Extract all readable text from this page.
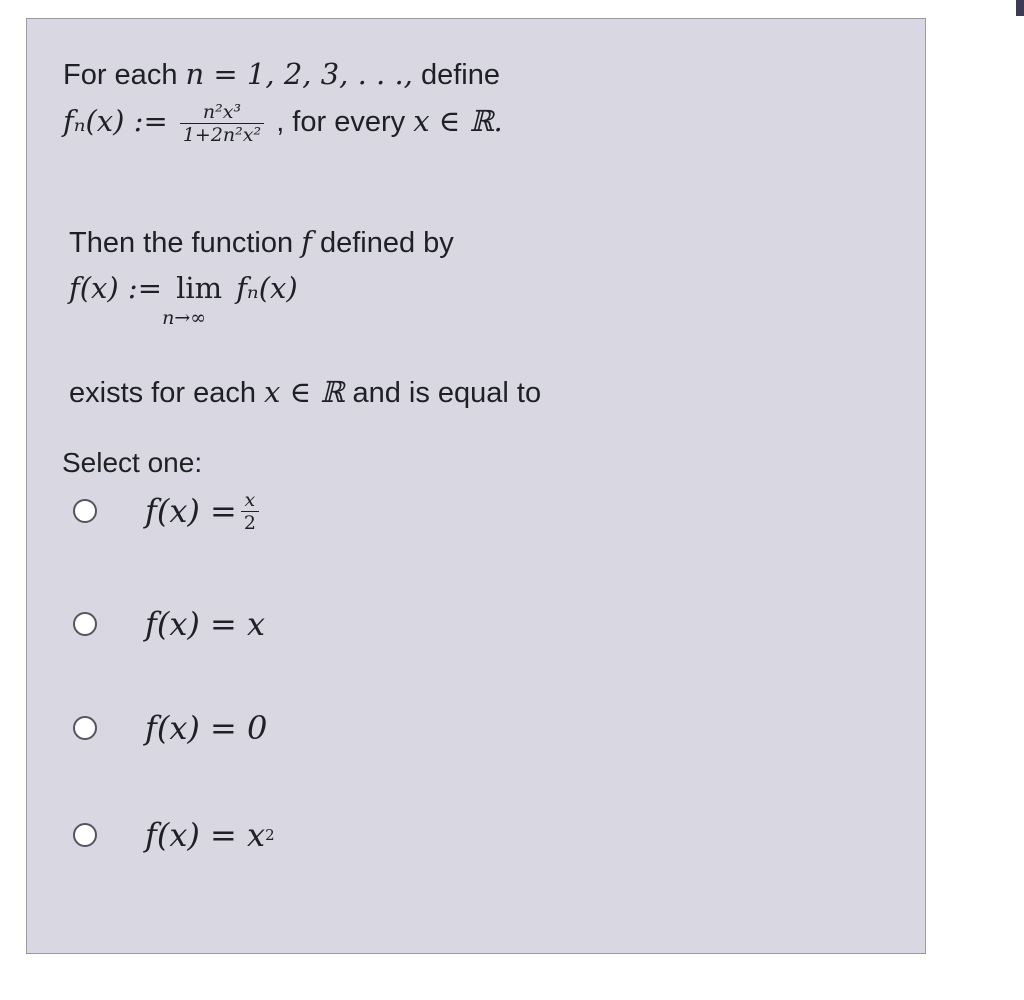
For each n = 1, 2, 3, . . ., define
fₙ(x) := $\frac{\text{n²x³}}{\text{1+2n²x²}}$ , for every x ∈ ℝ.
Then the function f defined by
f(x) := lim
n→∞
fₙ(x)
exists for each x ∈ ℝ and is equal to
Select one:
$f(x) = \frac{x}{2}$
f(x) = x
f(x) = 0
f(x) = x 2
